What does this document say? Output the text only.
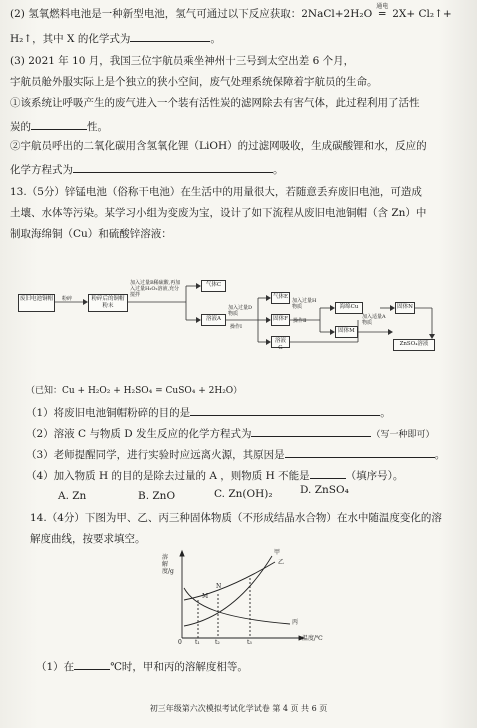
(2) 氢氧燃料电池是一种新型电池，氢气可通过以下反应获取：2NaCl+2H₂O
通电
═ 2X+ Cl₂↑+
H₂↑，其中 X 的化学式为	。
(3) 2021 年 10 月，我国三位宇航员乘坐神州十三号到太空出差 6 个月，
宇航员舱外服实际上是个独立的狭小空间，废气处理系统保障着宇航员的生命。
①该系统让呼吸产生的废气进入一个装有活性炭的滤网除去有害气体，此过程利用了活性
炭的	性。
②宇航员呼出的二氧化碳用含氢氧化锂（LiOH）的过滤网吸收，生成碳酸锂和水，反应的
化学方程式为	。
13.（5分）锌锰电池（俗称干电池）在生活中的用量很大，若随意丢弃废旧电池，可造成
土壤、水体等污染。某学习小组为变废为宝，设计了如下流程从废旧电池铜帽（含 Zn）中
制取海绵铜（Cu）和硫酸锌溶液：
废旧电池铜帽	粉碎	粉碎后的铜帽粉末
加入过量B稀硫酸,再加入过量H₂O₂溶液,充分搅拌
气体C
溶液A
加入过量D物质
操作Ⅰ
气体E
固体F
溶液G
加入过量H物质
操作Ⅱ
海绵Cu
固体M
加入适量A物质
固体N
ZnSO₄溶液
（已知：Cu + H₂O₂ + H₂SO₄ = CuSO₄ + 2H₂O）
（1）将废旧电池铜帽粉碎的目的是	。
（2）溶液 C 与物质 D 发生反应的化学方程式为	（写一种即可）
（3）老师提醒同学，进行实验时应远离火源，其原因是	。
（4）加入物质 H 的目的是除去过量的 A ，则物质 H 不能是	（填序号）。
A. Zn	B. ZnO	C. Zn(OH)₂	D. ZnSO₄
14.（4分）下图为甲、乙、丙三种固体物质（不形成结晶水合物）在水中随温度变化的溶
解度曲线，按要求填空。
溶解度/g
温度/℃
0 t₁	t₂	t₃
甲
乙
丙
M
N
（1）在	℃时，甲和丙的溶解度相等。
初三年级第六次模拟考试化学试卷 第 4 页 共 6 页
